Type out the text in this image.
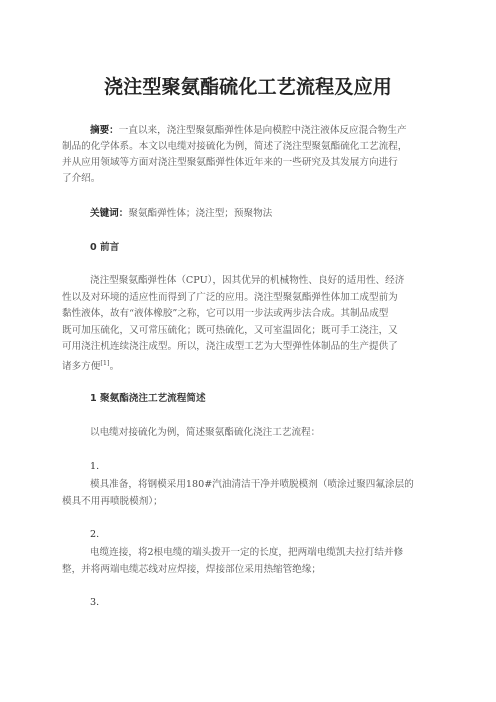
浇注型聚氨酯硫化工艺流程及应用
摘要：一直以来，浇注型聚氨酯弹性体是向模腔中浇注液体反应混合物生产
制品的化学体系。本文以电缆对接硫化为例，简述了浇注型聚氨酯硫化工艺流程，
并从应用领域等方面对浇注型聚氨酯弹性体近年来的一些研究及其发展方向进行
了介绍。
关键词：聚氨酯弹性体；浇注型；预聚物法
0 前言
浇注型聚氨酯弹性体（CPU），因其优异的机械物性、良好的适用性、经济
性以及对环境的适应性而得到了广泛的应用。浇注型聚氨酯弹性体加工成型前为
黏性液体，故有“液体橡胶”之称，它可以用一步法或两步法合成。其制品成型
既可加压硫化，又可常压硫化；既可热硫化，又可室温固化；既可手工浇注，又
可用浇注机连续浇注成型。所以，浇注成型工艺为大型弹性体制品的生产提供了
诸多方便[1]。
1 聚氨酯浇注工艺流程简述
以电缆对接硫化为例，简述聚氨酯硫化浇注工艺流程：
1.
模具准备，将钢模采用180#汽油清洁干净并喷脱模剂（喷涂过聚四氟涂层的
模具不用再喷脱模剂）；
2.
电缆连接，将2根电缆的端头拨开一定的长度，把两端电缆凯夫拉打结并修
整，并将两端电缆芯线对应焊接，焊接部位采用热缩管绝缘；
3.
